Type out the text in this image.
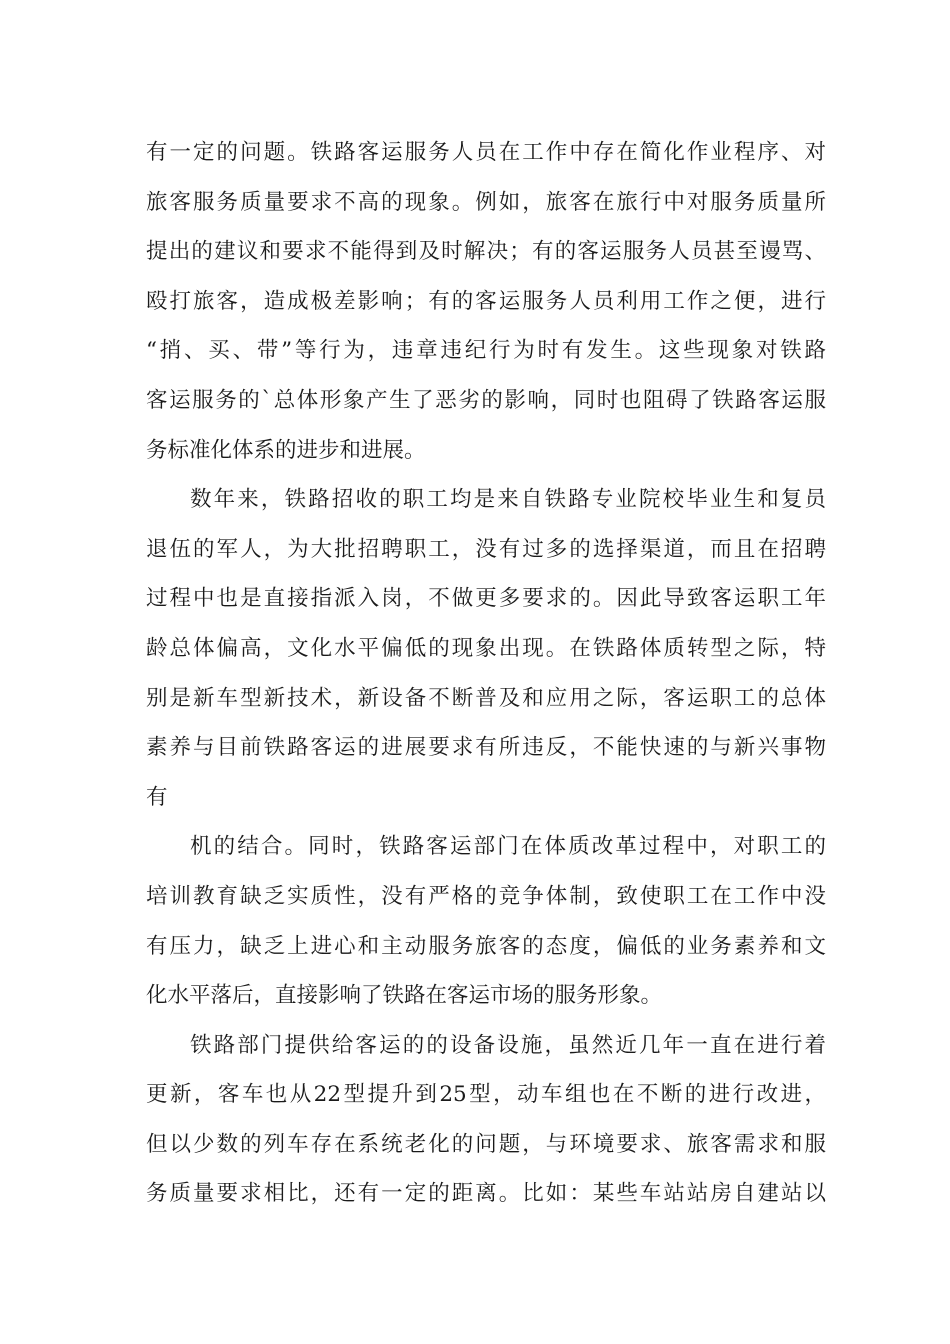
有一定的问题。铁路客运服务人员在工作中存在简化作业程序、对
旅客服务质量要求不高的现象。例如，旅客在旅行中对服务质量所
提出的建议和要求不能得到及时解决；有的客运服务人员甚至谩骂、
殴打旅客，造成极差影响；有的客运服务人员利用工作之便，进行
“捎、买、带”等行为，违章违纪行为时有发生。这些现象对铁路
客运服务的`总体形象产生了恶劣的影响，同时也阻碍了铁路客运服
务标准化体系的进步和进展。
数年来，铁路招收的职工均是来自铁路专业院校毕业生和复员
退伍的军人，为大批招聘职工，没有过多的选择渠道，而且在招聘
过程中也是直接指派入岗，不做更多要求的。因此导致客运职工年
龄总体偏高，文化水平偏低的现象出现。在铁路体质转型之际，特
别是新车型新技术，新设备不断普及和应用之际，客运职工的总体
素养与目前铁路客运的进展要求有所违反，不能快速的与新兴事物
有
机的结合。同时，铁路客运部门在体质改革过程中，对职工的
培训教育缺乏实质性，没有严格的竞争体制，致使职工在工作中没
有压力，缺乏上进心和主动服务旅客的态度，偏低的业务素养和文
化水平落后，直接影响了铁路在客运市场的服务形象。
铁路部门提供给客运的的设备设施，虽然近几年一直在进行着
更新，客车也从22型提升到25型，动车组也在不断的进行改进，
但以少数的列车存在系统老化的问题，与环境要求、旅客需求和服
务质量要求相比，还有一定的距离。比如：某些车站站房自建站以
